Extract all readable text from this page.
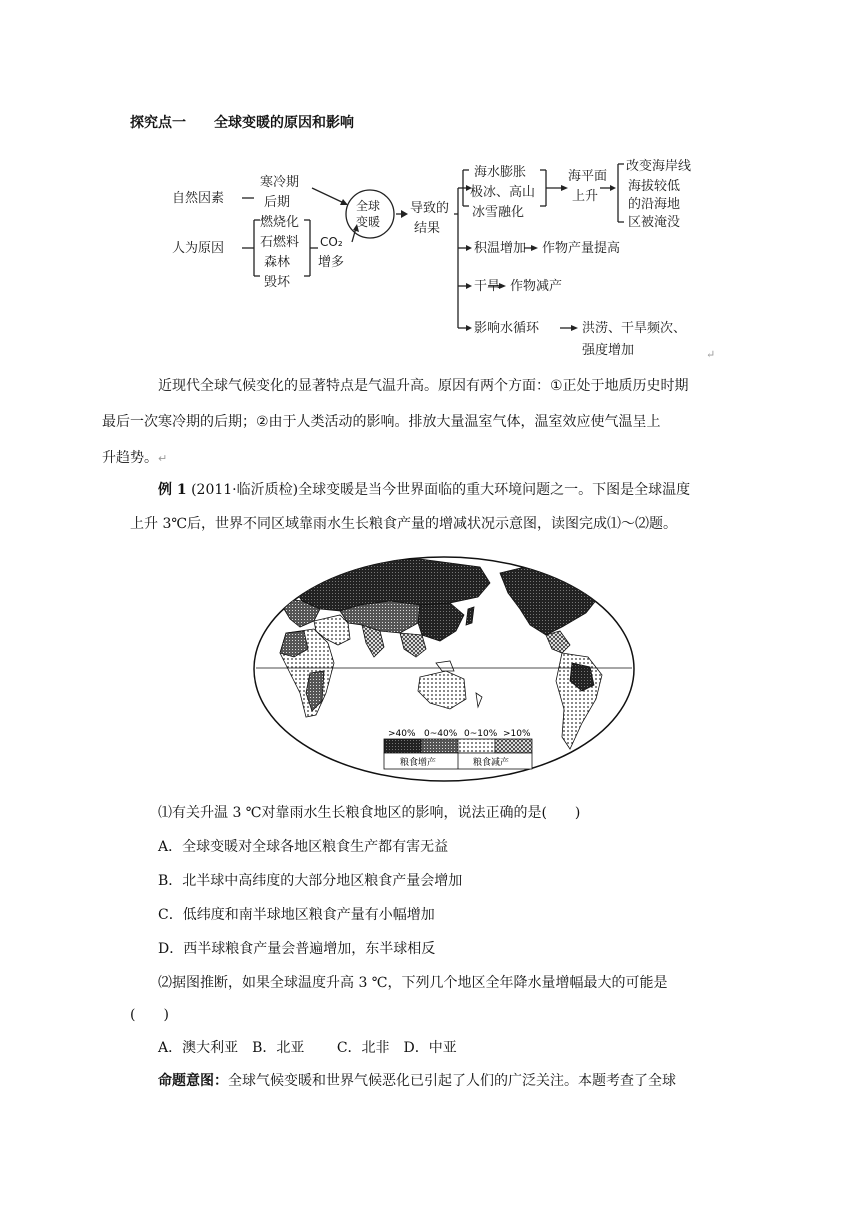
探究点一　　全球变暖的原因和影响
自然因素
寒冷期
后期
人为原因
燃烧化
石燃料
森林
毁坏
CO₂
增多
全球
变暖
导致的
结果
海水膨胀
极冰、高山
冰雪融化
海平面
上升
改变海岸线
海拔较低
的沿海地
区被淹没
积温增加 作物产量提高
干旱 作物减产
影响水循环	洪涝、干旱频次、
强度增加	↵
近现代全球气候变化的显著特点是气温升高。原因有两个方面：①正处于地质历史时期
最后一次寒冷期的后期；②由于人类活动的影响。排放大量温室气体，温室效应使气温呈上
升趋势。↵
例 1 (2011·临沂质检)全球变暖是当今世界面临的重大环境问题之一。下图是全球温度
上升 3℃后，世界不同区域靠雨水生长粮食产量的增减状况示意图，读图完成⑴～⑵题。
>40% 0~40% 0~10% >10%
粮食增产	粮食减产
⑴有关升温 3 ℃对靠雨水生长粮食地区的影响，说法正确的是(　　)
A．全球变暖对全球各地区粮食生产都有害无益
B．北半球中高纬度的大部分地区粮食产量会增加
C．低纬度和南半球地区粮食产量有小幅增加
D．西半球粮食产量会普遍增加，东半球相反
⑵据图推断，如果全球温度升高 3 ℃，下列几个地区全年降水量增幅最大的可能是
(　　)
A．澳大利亚　B．北亚　　 C．北非　D．中亚
命题意图：全球气候变暖和世界气候恶化已引起了人们的广泛关注。本题考查了全球
